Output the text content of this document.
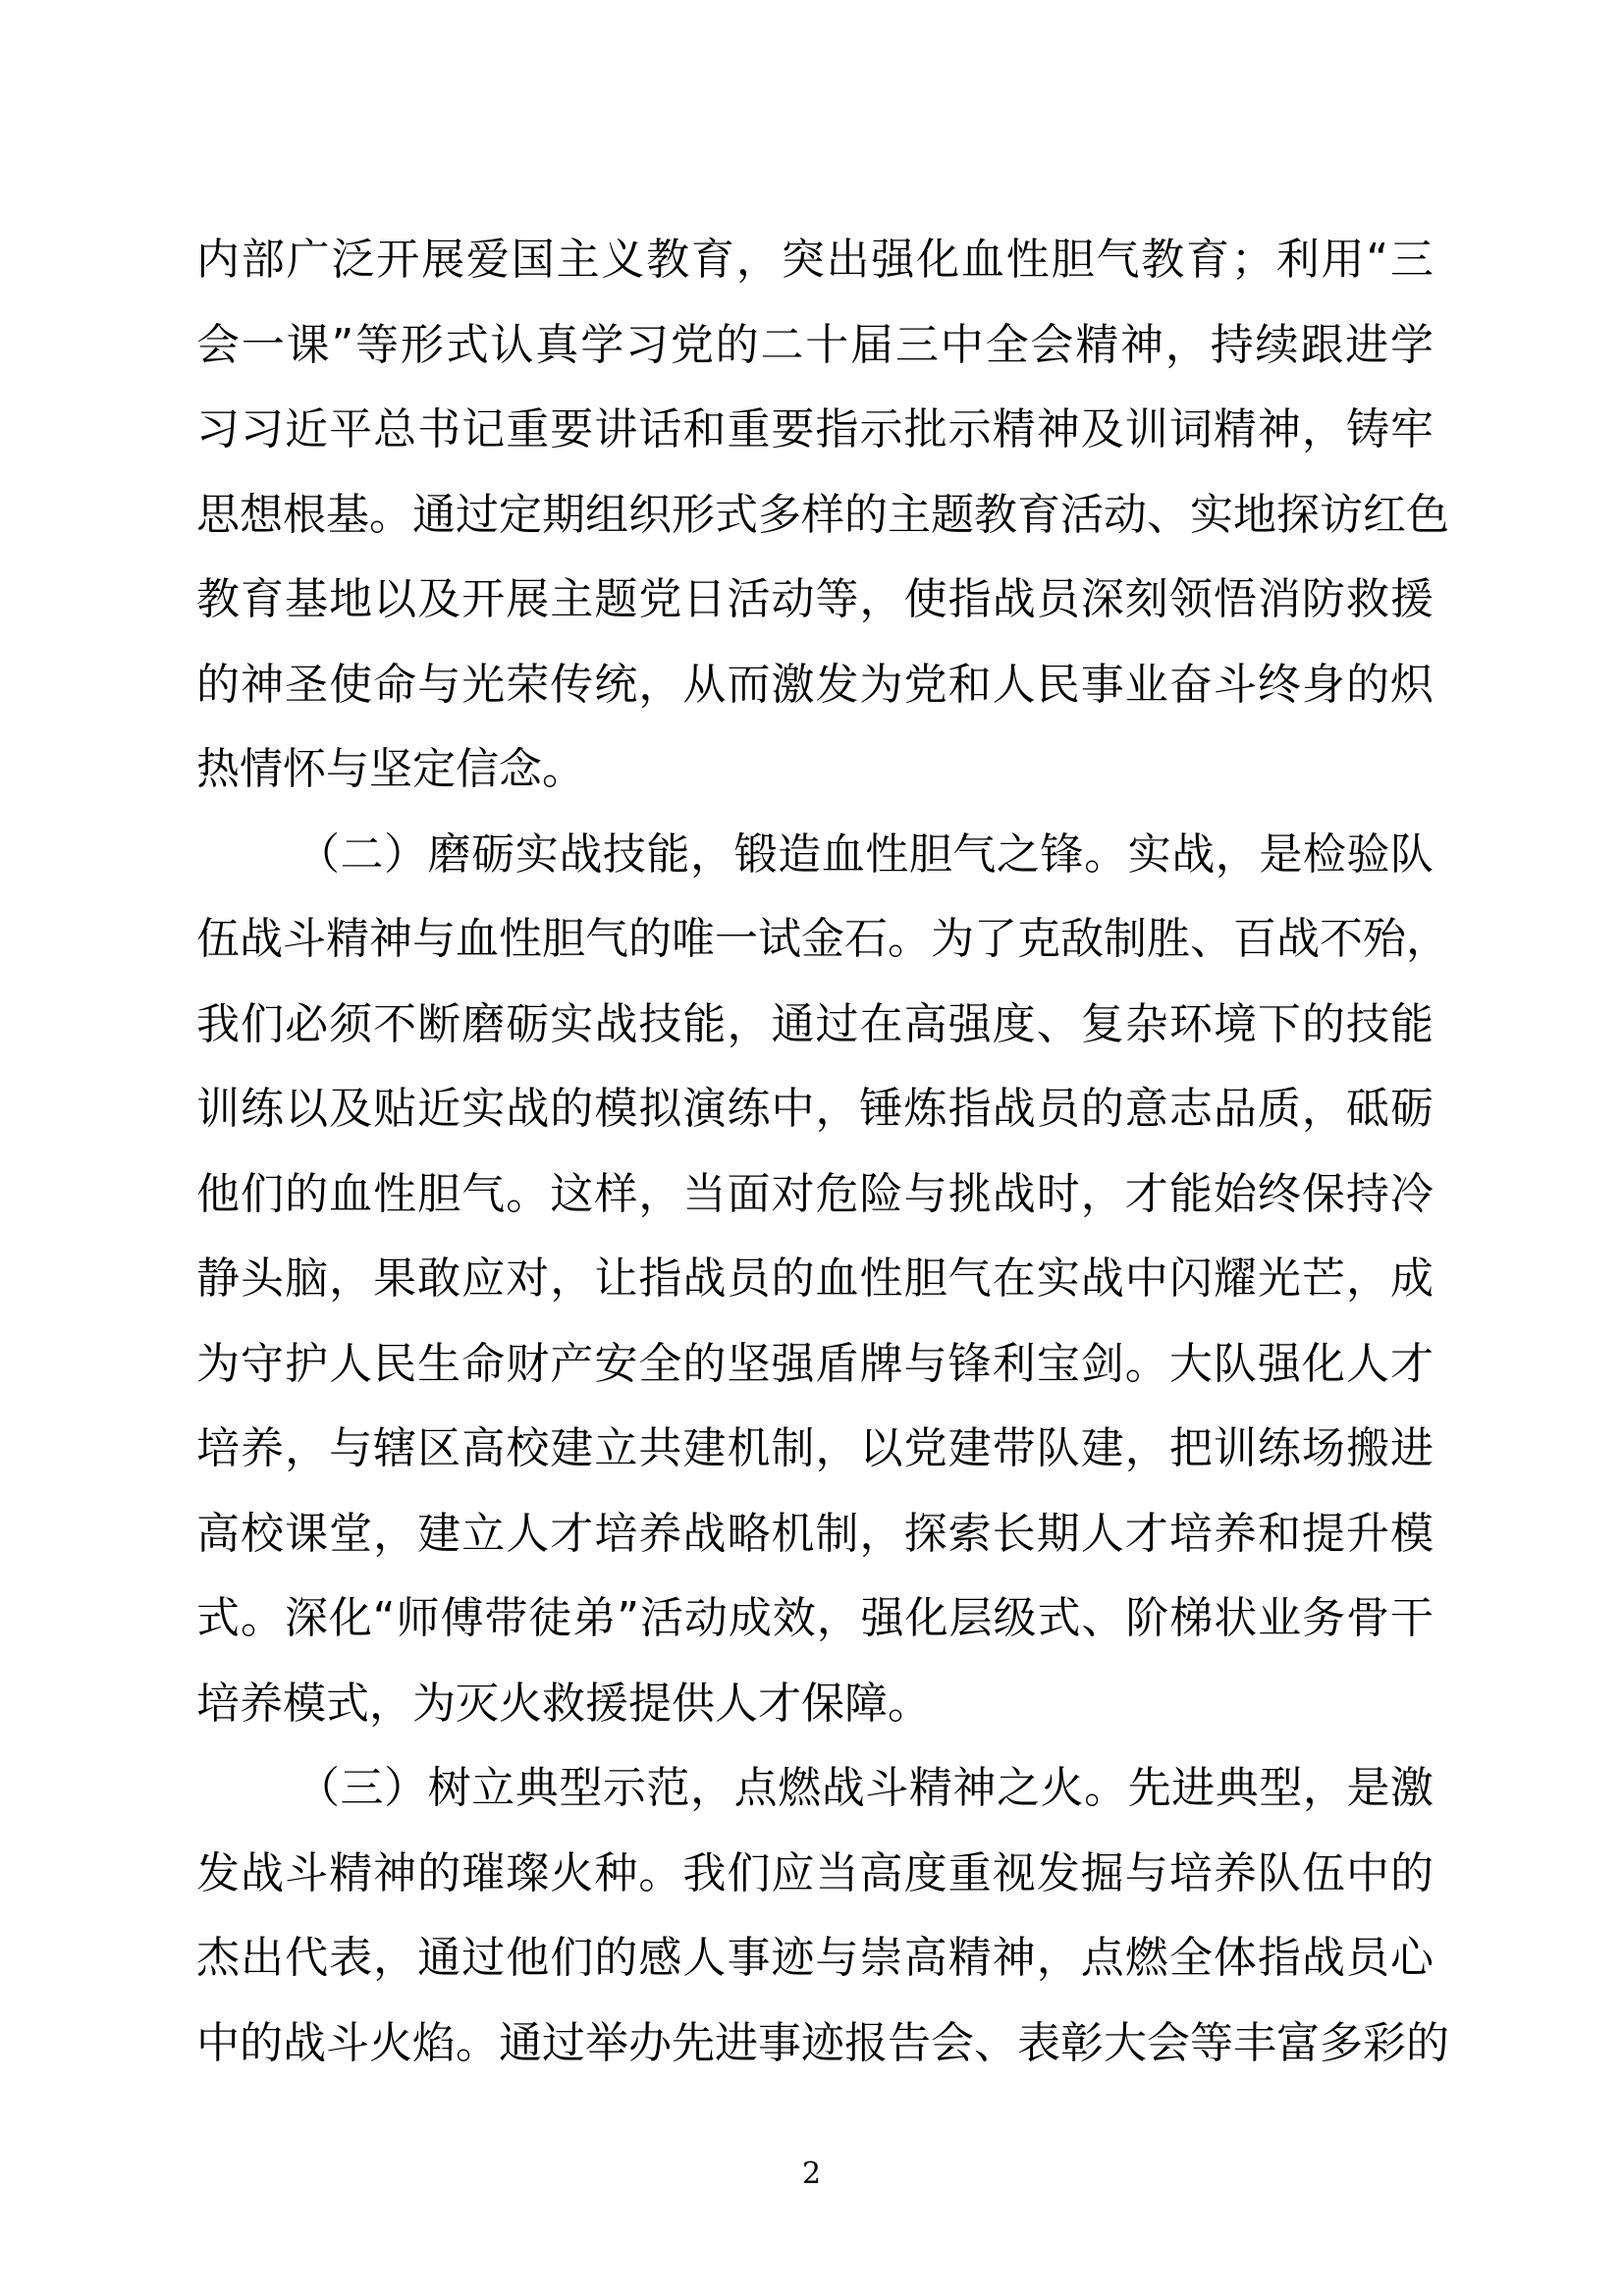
内部广泛开展爱国主义教育，突出强化血性胆气教育；利用“三
会一课”等形式认真学习党的二十届三中全会精神，持续跟进学
习习近平总书记重要讲话和重要指示批示精神及训词精神，铸牢
思想根基。通过定期组织形式多样的主题教育活动、实地探访红色
教育基地以及开展主题党日活动等，使指战员深刻领悟消防救援
的神圣使命与光荣传统，从而激发为党和人民事业奋斗终身的炽
热情怀与坚定信念。
（二）磨砺实战技能，锻造血性胆气之锋。实战，是检验队
伍战斗精神与血性胆气的唯一试金石。为了克敌制胜、百战不殆，
我们必须不断磨砺实战技能，通过在高强度、复杂环境下的技能
训练以及贴近实战的模拟演练中，锤炼指战员的意志品质，砥砺
他们的血性胆气。这样，当面对危险与挑战时，才能始终保持冷
静头脑，果敢应对，让指战员的血性胆气在实战中闪耀光芒，成
为守护人民生命财产安全的坚强盾牌与锋利宝剑。大队强化人才
培养，与辖区高校建立共建机制，以党建带队建，把训练场搬进
高校课堂，建立人才培养战略机制，探索长期人才培养和提升模
式。深化“师傅带徒弟”活动成效，强化层级式、阶梯状业务骨干
培养模式，为灭火救援提供人才保障。
（三）树立典型示范，点燃战斗精神之火。先进典型，是激
发战斗精神的璀璨火种。我们应当高度重视发掘与培养队伍中的
杰出代表，通过他们的感人事迹与崇高精神，点燃全体指战员心
中的战斗火焰。通过举办先进事迹报告会、表彰大会等丰富多彩的
2
